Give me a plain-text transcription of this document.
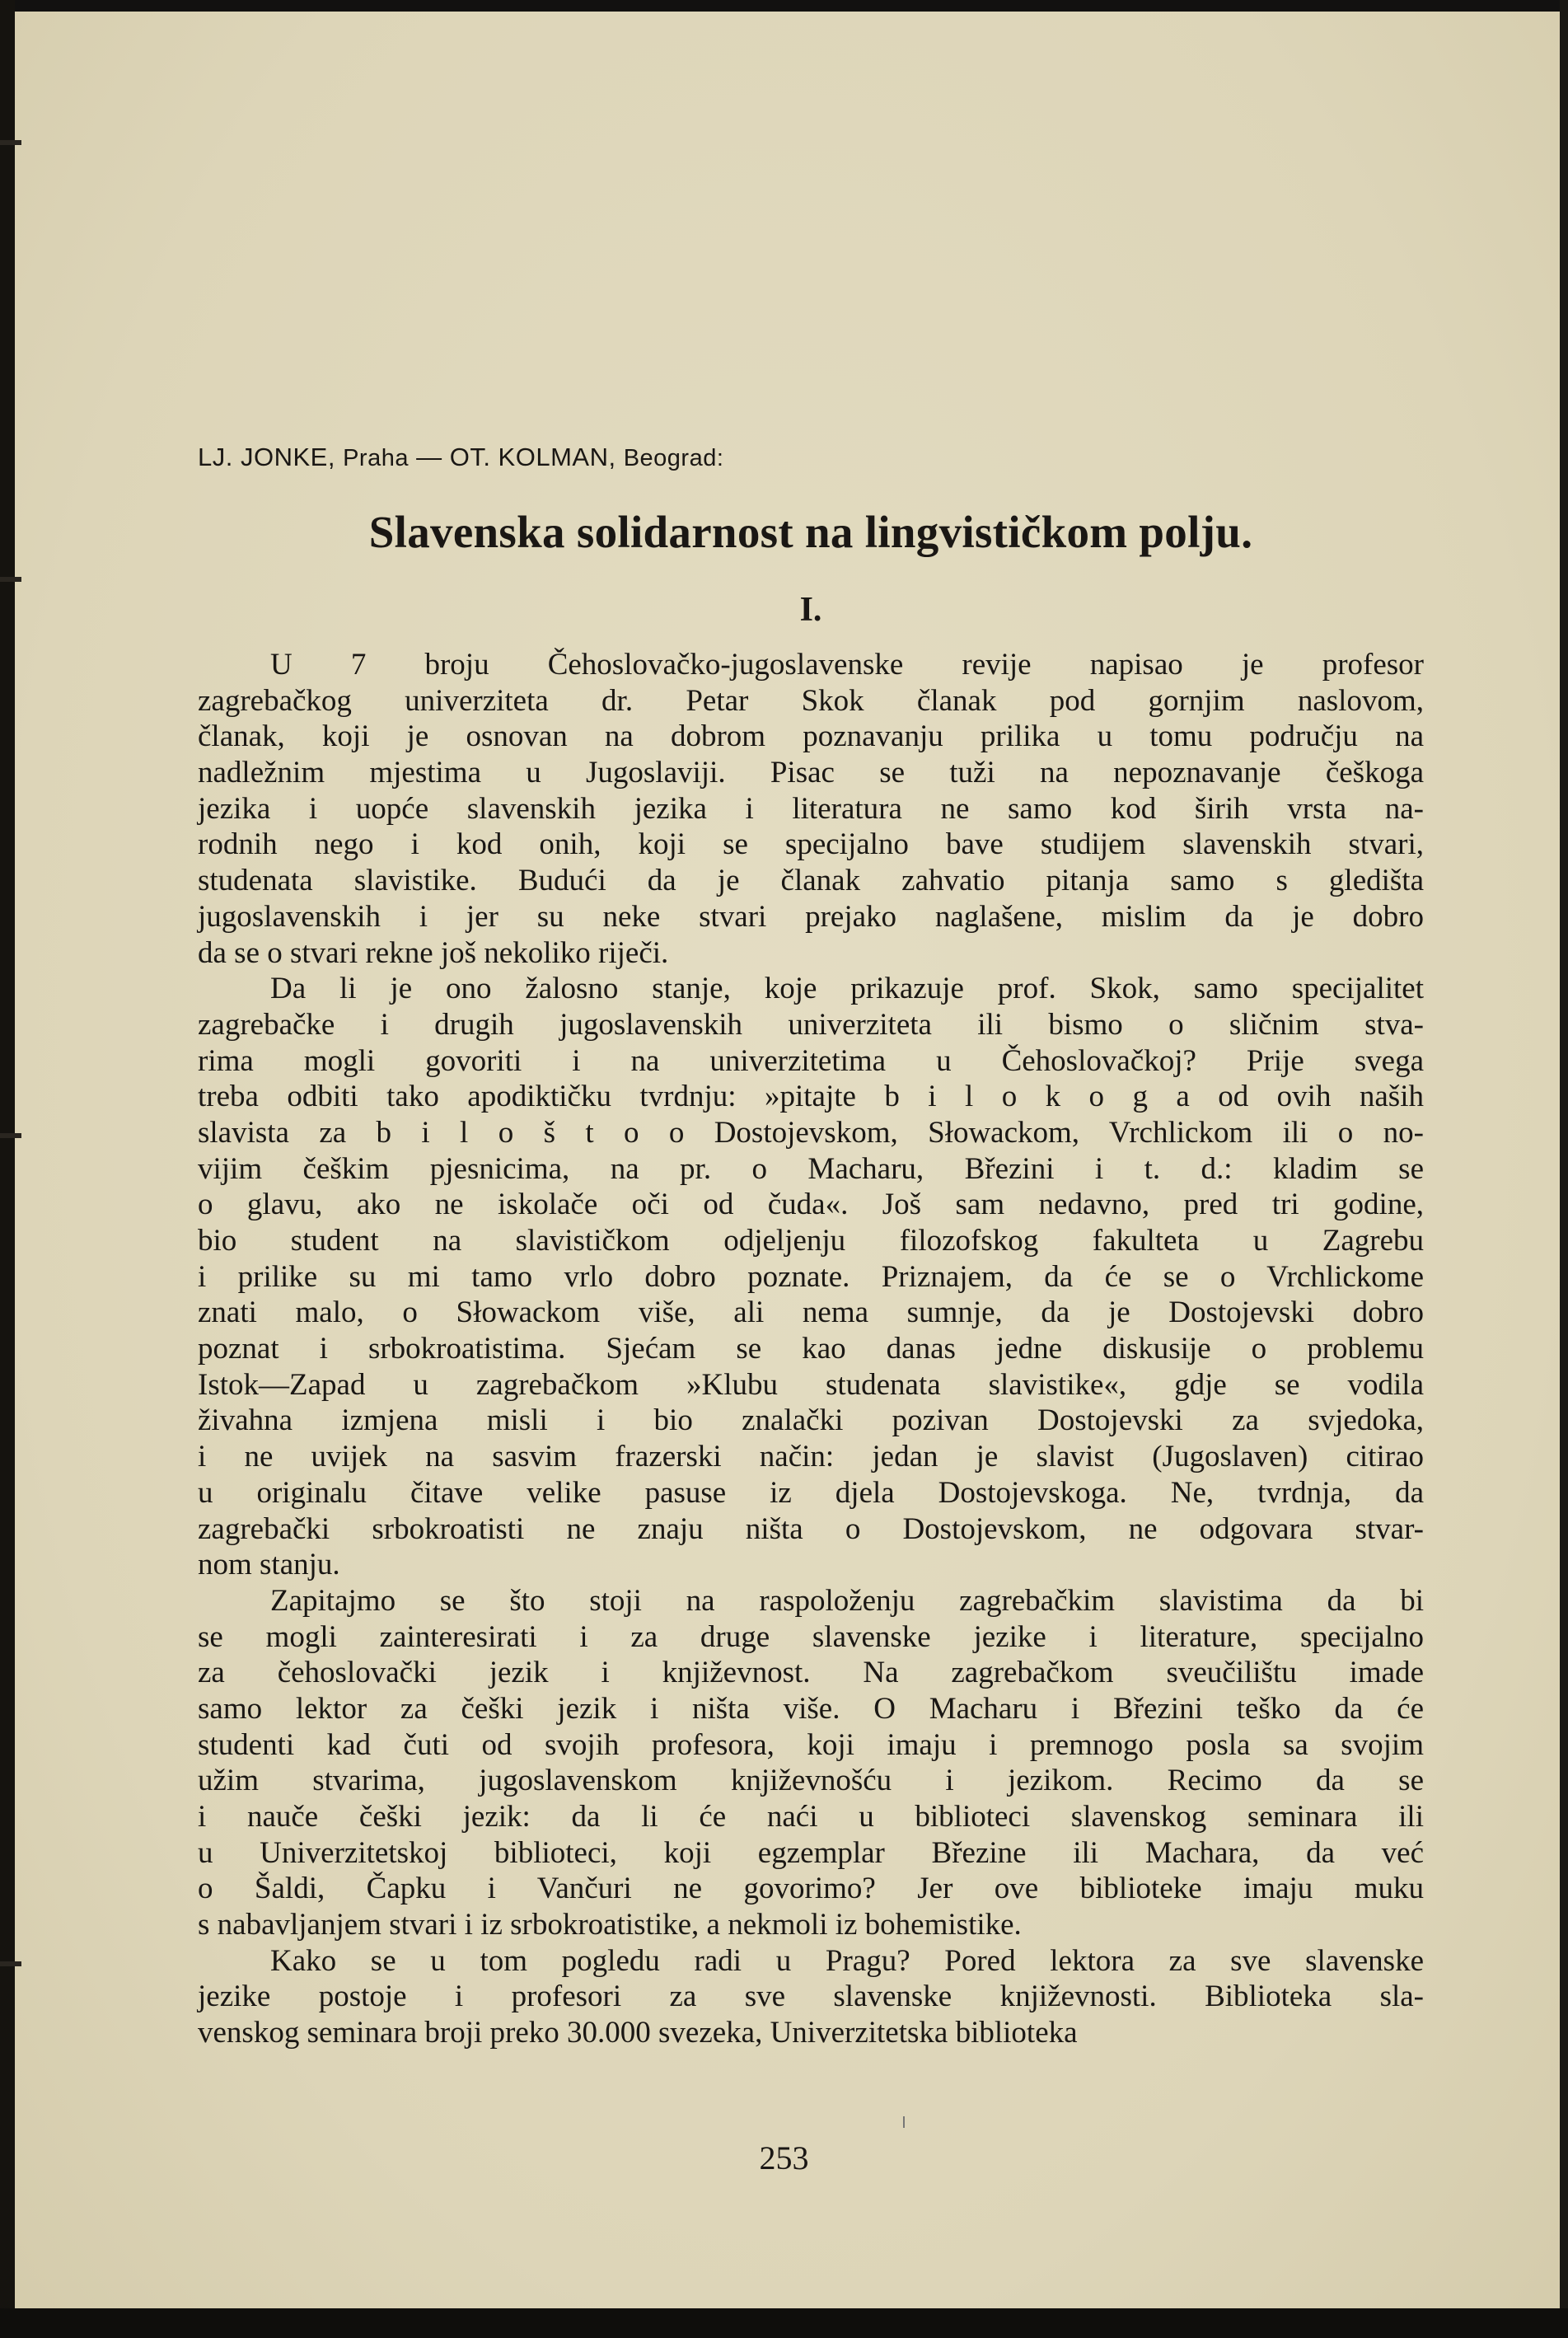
LJ. JONKE, Praha — OT. KOLMAN, Beograd:
Slavenska solidarnost na lingvističkom polju.
I.
U 7 broju Čehoslovačko-jugoslavenske revije napisao je profesor
zagrebačkog univerziteta dr. Petar Skok članak pod gornjim naslovom,
članak, koji je osnovan na dobrom poznavanju prilika u tomu području na
nadležnim mjestima u Jugoslaviji. Pisac se tuži na nepoznavanje češkoga
jezika i uopće slavenskih jezika i literatura ne samo kod širih vrsta na-
rodnih nego i kod onih, koji se specijalno bave studijem slavenskih stvari,
studenata slavistike. Budući da je članak zahvatio pitanja samo s gledišta
jugoslavenskih i jer su neke stvari prejako naglašene, mislim da je dobro
da se o stvari rekne još nekoliko riječi.
Da li je ono žalosno stanje, koje prikazuje prof. Skok, samo specijalitet
zagrebačke i drugih jugoslavenskih univerziteta ili bismo o sličnim stva-
rima mogli govoriti i na univerzitetima u Čehoslovačkoj? Prije svega
treba odbiti tako apodiktičku tvrdnju: »pitajte b i l o k o g a od ovih naših
slavista za b i l o š t o o Dostojevskom, Słowackom, Vrchlickom ili o no-
vijim češkim pjesnicima, na pr. o Macharu, Březini i t. d.: kladim se
o glavu, ako ne iskolače oči od čuda«. Još sam nedavno, pred tri godine,
bio student na slavističkom odjeljenju filozofskog fakulteta u Zagrebu
i prilike su mi tamo vrlo dobro poznate. Priznajem, da će se o Vrchlickome
znati malo, o Słowackom više, ali nema sumnje, da je Dostojevski dobro
poznat i srbokroatistima. Sjećam se kao danas jedne diskusije o problemu
Istok—Zapad u zagrebačkom »Klubu studenata slavistike«, gdje se vodila
živahna izmjena misli i bio znalački pozivan Dostojevski za svjedoka,
i ne uvijek na sasvim frazerski način: jedan je slavist (Jugoslaven) citirao
u originalu čitave velike pasuse iz djela Dostojevskoga. Ne, tvrdnja, da
zagrebački srbokroatisti ne znaju ništa o Dostojevskom, ne odgovara stvar-
nom stanju.
Zapitajmo se što stoji na raspoloženju zagrebačkim slavistima da bi
se mogli zainteresirati i za druge slavenske jezike i literature, specijalno
za čehoslovački jezik i književnost. Na zagrebačkom sveučilištu imade
samo lektor za češki jezik i ništa više. O Macharu i Březini teško da će
studenti kad čuti od svojih profesora, koji imaju i premnogo posla sa svojim
užim stvarima, jugoslavenskom književnošću i jezikom. Recimo da se
i nauče češki jezik: da li će naći u biblioteci slavenskog seminara ili
u Univerzitetskoj biblioteci, koji egzemplar Březine ili Machara, da već
o Šaldi, Čapku i Vančuri ne govorimo? Jer ove biblioteke imaju muku
s nabavljanjem stvari i iz srbokroatistike, a nekmoli iz bohemistike.
Kako se u tom pogledu radi u Pragu? Pored lektora za sve slavenske
jezike postoje i profesori za sve slavenske književnosti. Biblioteka sla-
venskog seminara broji preko 30.000 svezeka, Univerzitetska biblioteka
253
